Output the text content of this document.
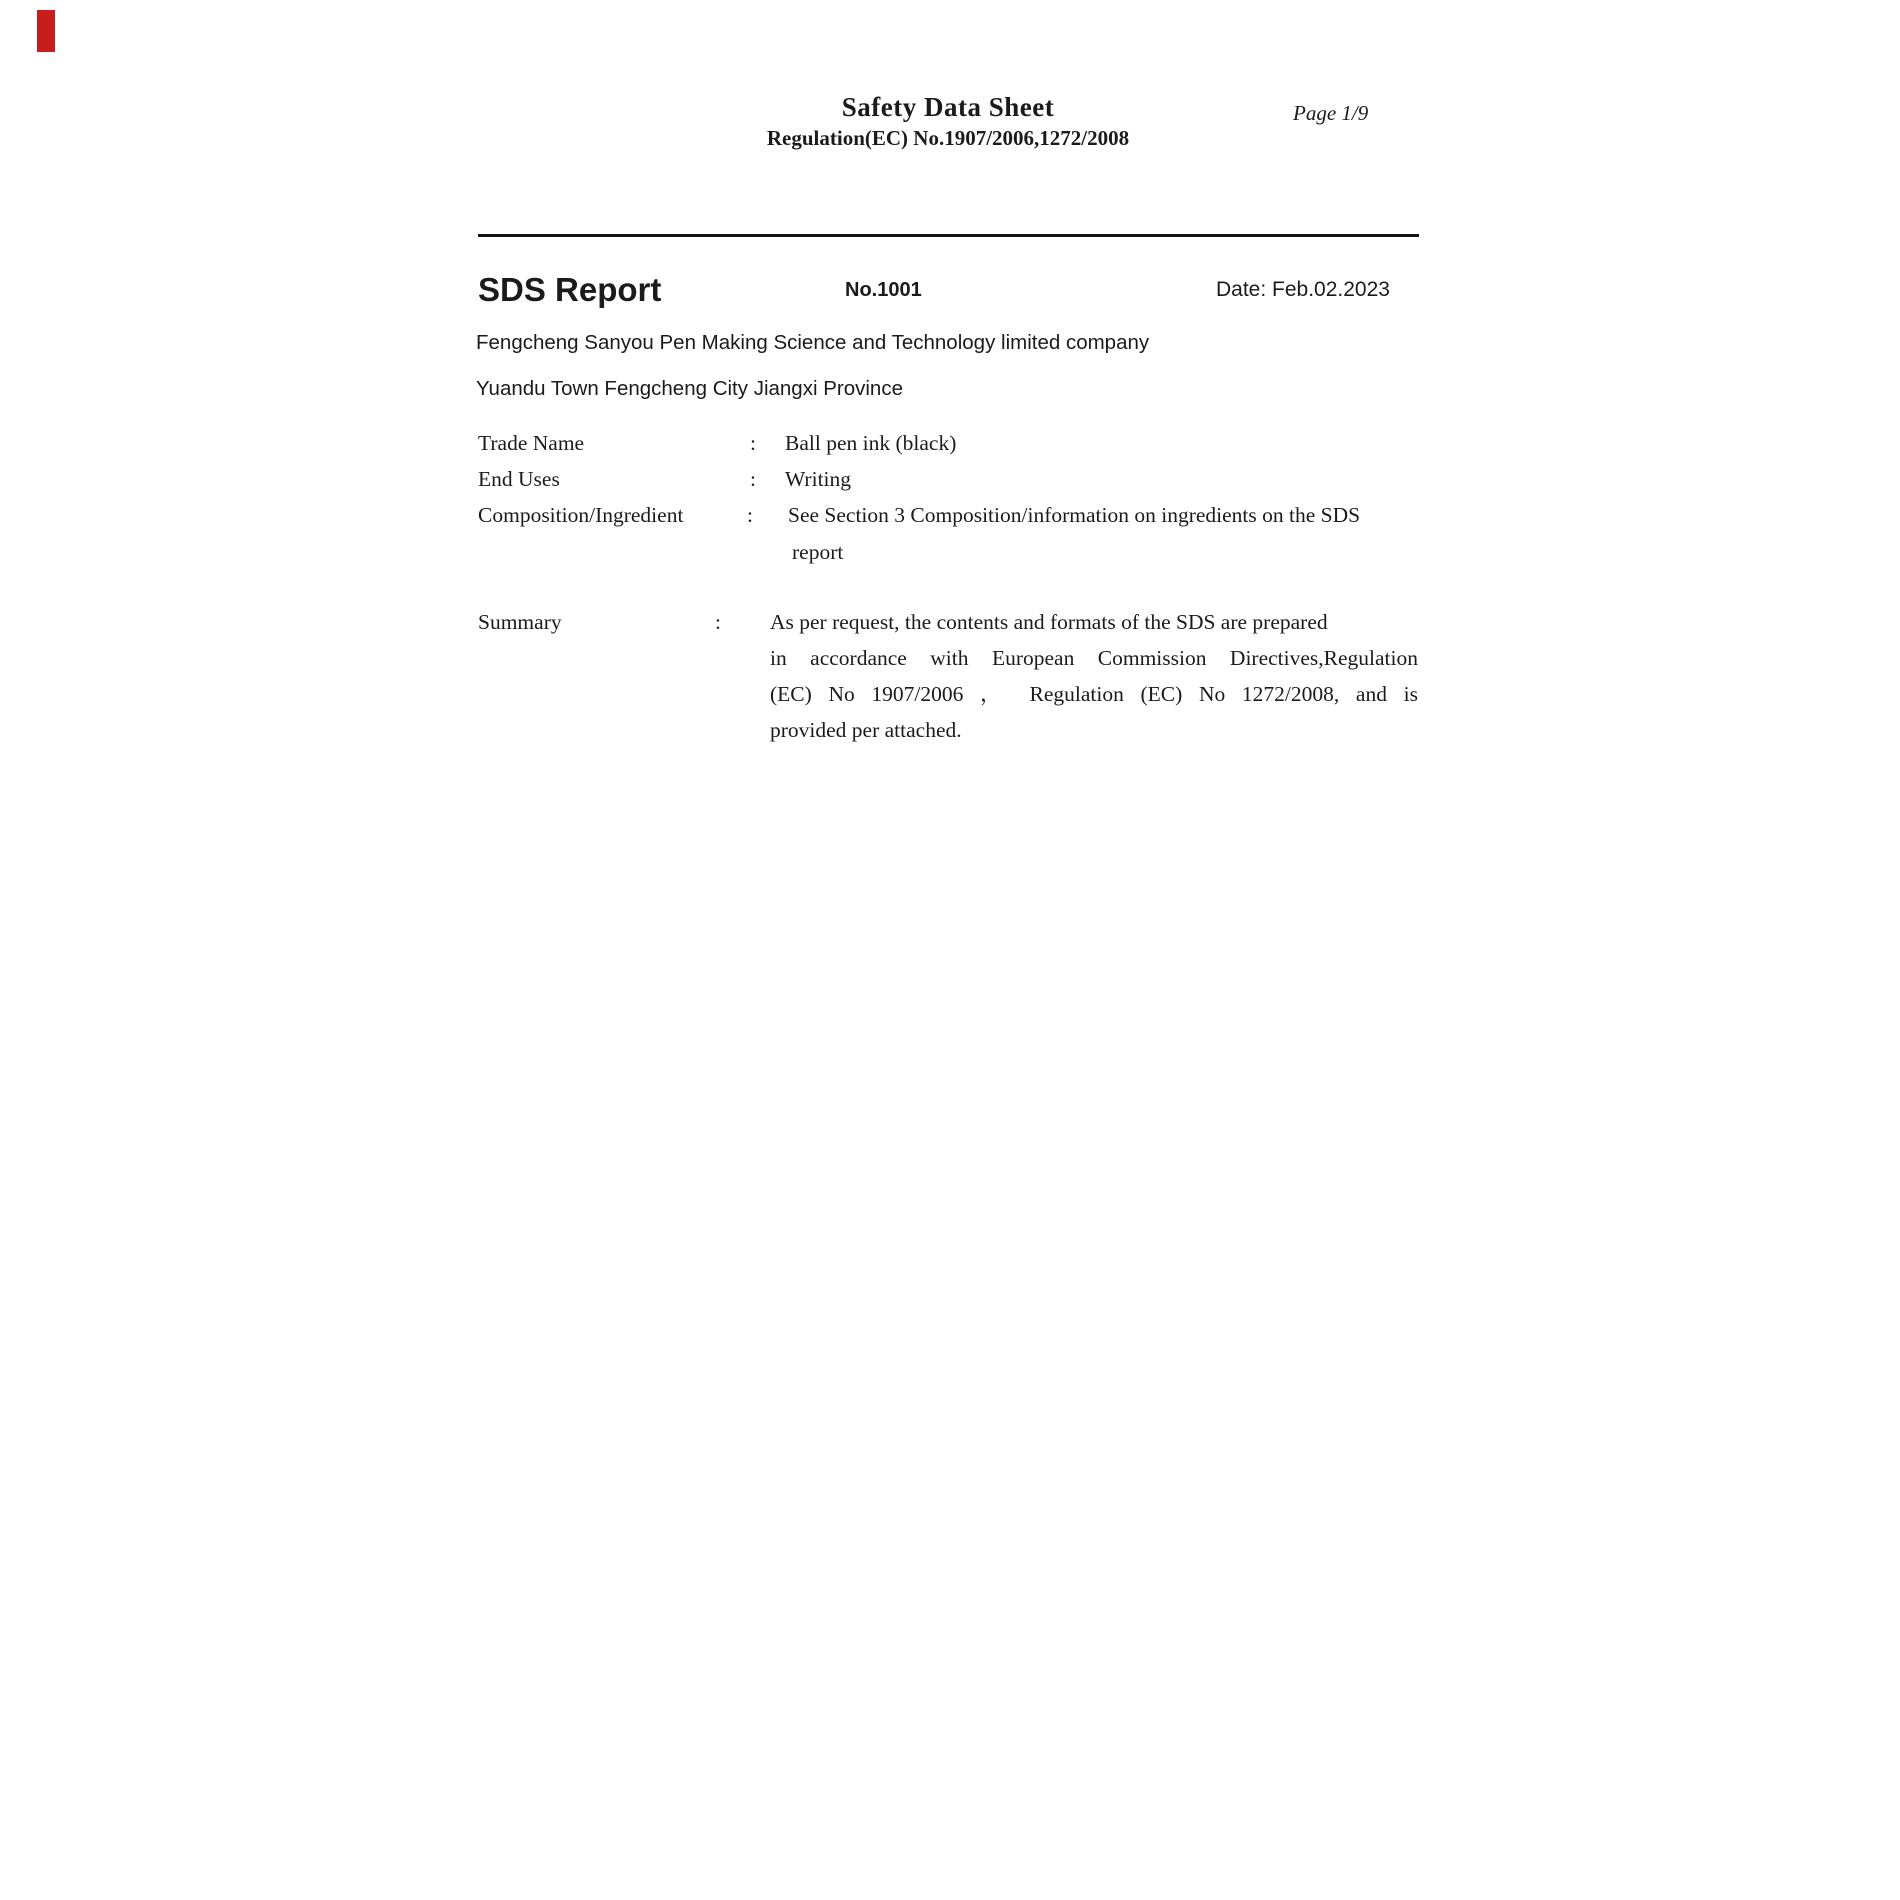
Safety Data Sheet
Regulation(EC) No.1907/2006,1272/2008
Page 1/9
SDS Report	No.1001	Date: Feb.02.2023
Fengcheng Sanyou Pen Making Science and Technology limited company
Yuandu Town Fengcheng City Jiangxi Province
Trade Name	: Ball pen ink (black)
End Uses	: Writing
Composition/Ingredient	: See Section 3 Composition/information on ingredients on the SDS
report
Summary	: As per request, the contents and formats of the SDS are prepared
in accordance with European Commission Directives,Regulation
(EC) No 1907/2006 ， Regulation (EC) No 1272/2008, and is
provided per attached.
